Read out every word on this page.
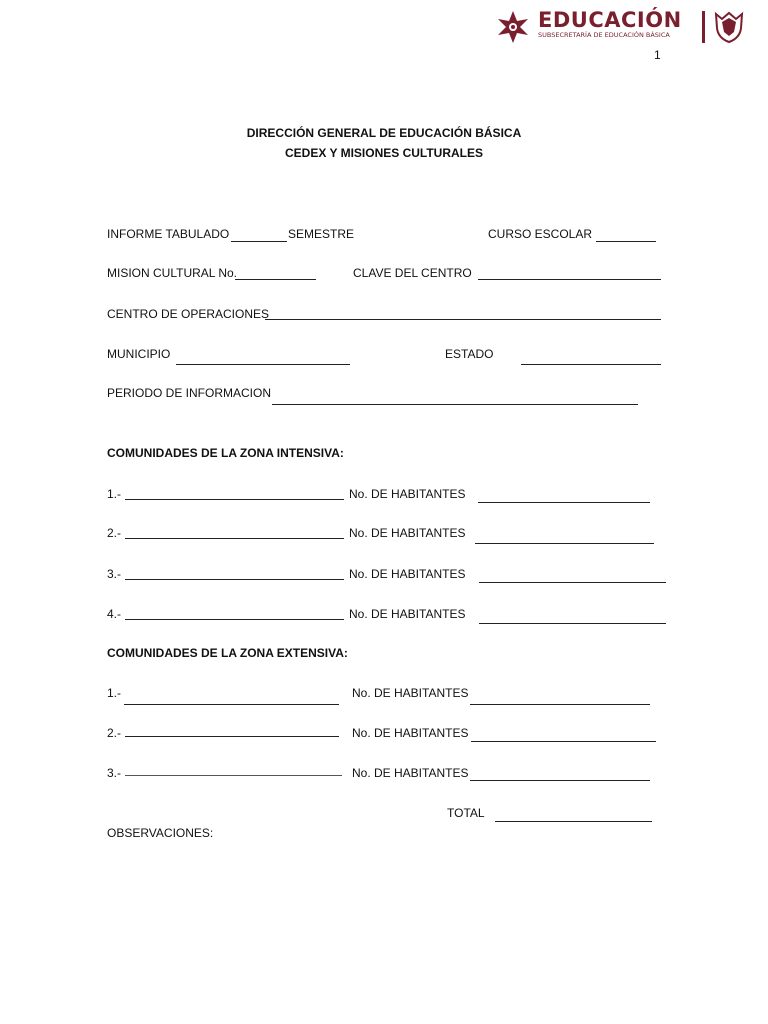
EDUCACIÓN
SUBSECRETARÍA DE EDUCACIÓN BÁSICA
1
DIRECCIÓN GENERAL DE EDUCACIÓN BÁSICA
CEDEX Y MISIONES CULTURALES
INFORME TABULADO	SEMESTRE	CURSO ESCOLAR
MISION CULTURAL No.	CLAVE DEL CENTRO
CENTRO DE OPERACIONES
MUNICIPIO	ESTADO
PERIODO DE INFORMACION
COMUNIDADES DE LA ZONA INTENSIVA:
1.-	No. DE HABITANTES
2.-	No. DE HABITANTES
3.-	No. DE HABITANTES
4.-	No. DE HABITANTES
COMUNIDADES DE LA ZONA EXTENSIVA:
1.-	No. DE HABITANTES
2.-	No. DE HABITANTES
3.-	No. DE HABITANTES
TOTAL
OBSERVACIONES:
